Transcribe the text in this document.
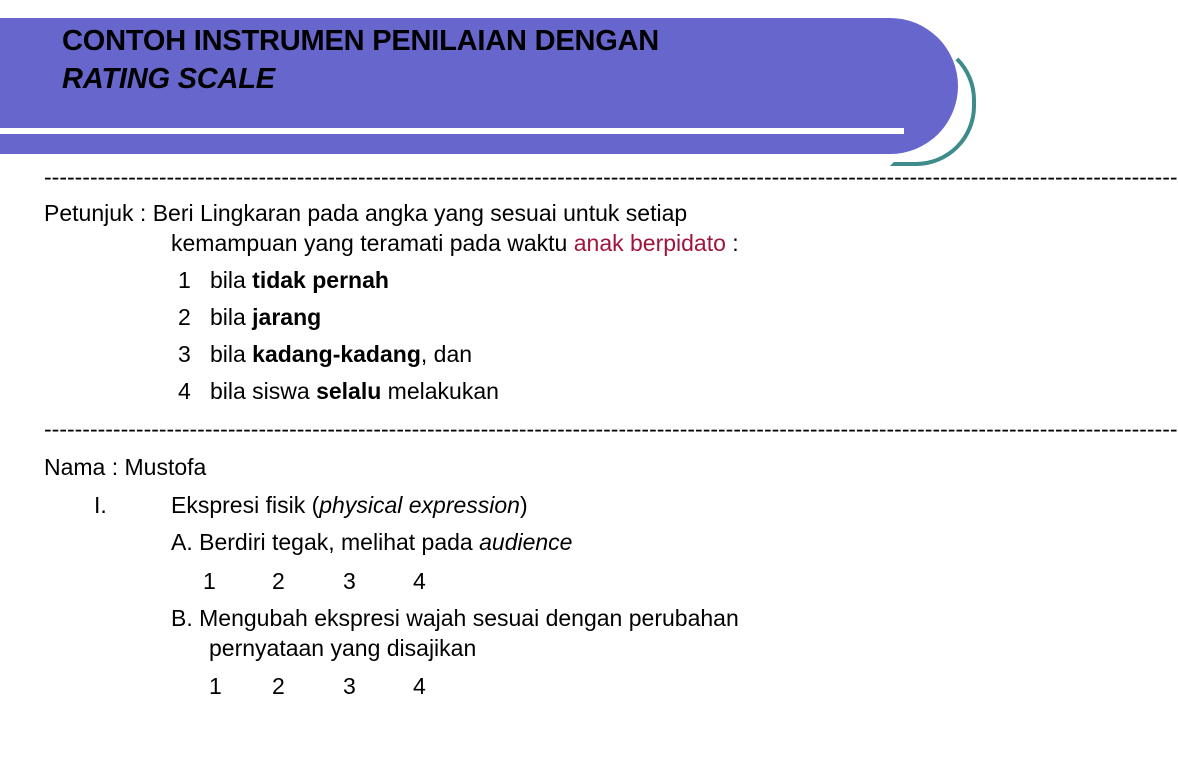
CONTOH INSTRUMEN PENILAIAN DENGAN
RATING SCALE
----------------------------------------------------------------------------------------------------------------------------------------------------
Petunjuk : Beri Lingkaran pada angka yang sesuai untuk setiap
kemampuan yang teramati pada waktu anak berpidato :
1 bila tidak pernah
2 bila jarang
3 bila kadang-kadang, dan
4 bila siswa selalu melakukan
----------------------------------------------------------------------------------------------------------------------------------------------------
Nama : Mustofa
I.	Ekspresi fisik (physical expression)
A. Berdiri tegak, melihat pada audience
1 2	3 4
B. Mengubah ekspresi wajah sesuai dengan perubahan
pernyataan yang disajikan
1 2	3 4
